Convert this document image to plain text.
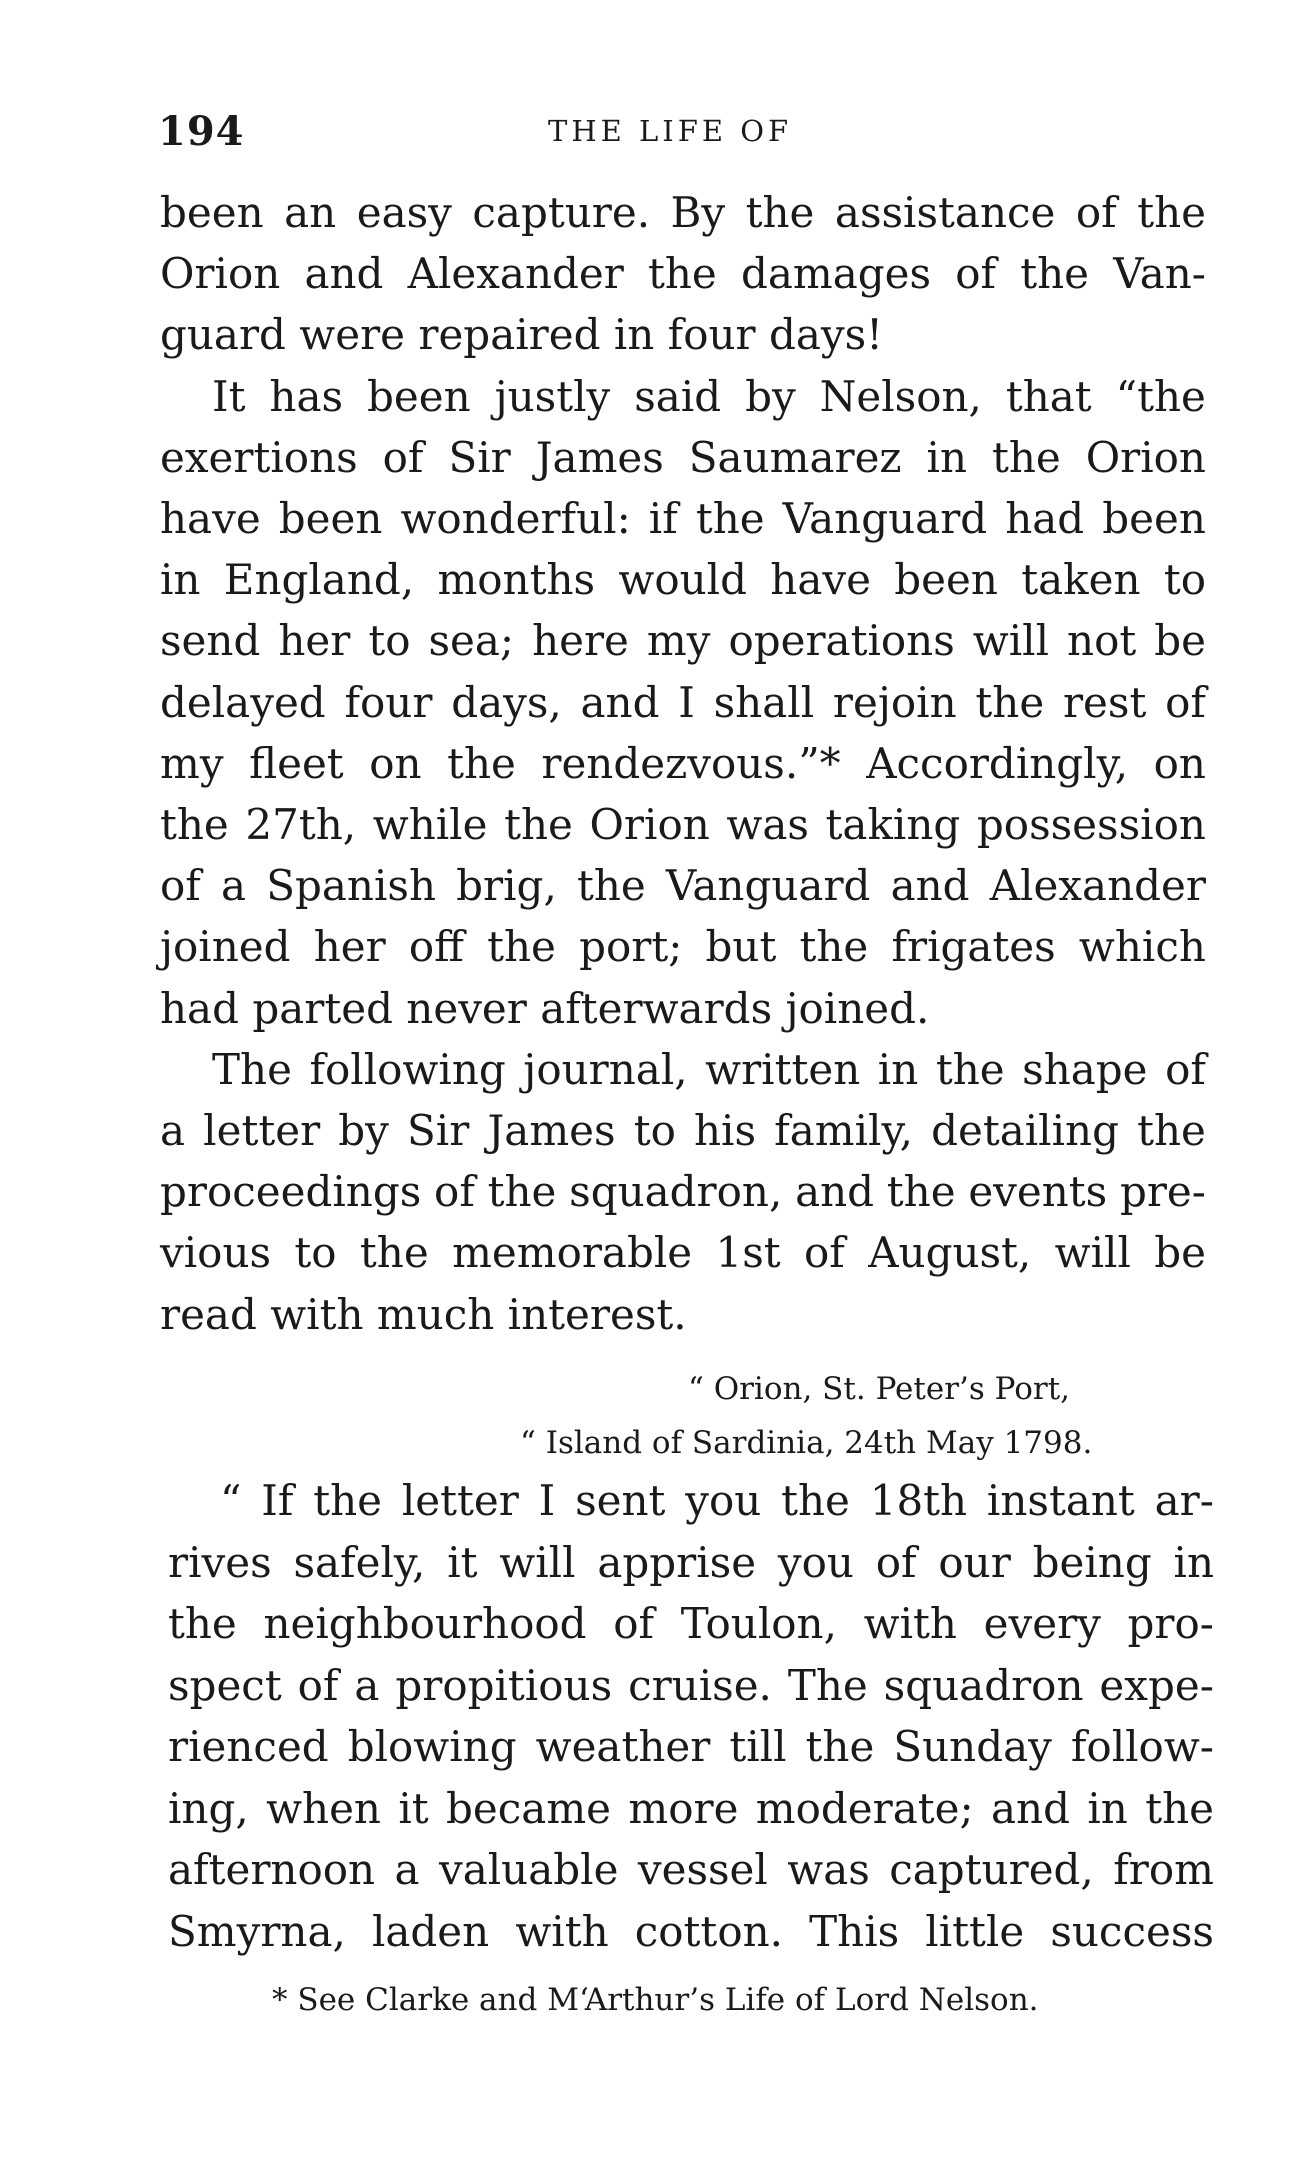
194	THE LIFE OF
been an easy capture. By the assistance of the
Orion and Alexander the damages of the Van-
guard were repaired in four days!
It has been justly said by Nelson, that “the
exertions of Sir James Saumarez in the Orion
have been wonderful: if the Vanguard had been
in England, months would have been taken to
send her to sea; here my operations will not be
delayed four days, and I shall rejoin the rest of
my fleet on the rendezvous.”* Accordingly, on
the 27th, while the Orion was taking possession
of a Spanish brig, the Vanguard and Alexander
joined her off the port; but the frigates which
had parted never afterwards joined.
The following journal, written in the shape of
a letter by Sir James to his family, detailing the
proceedings of the squadron, and the events pre-
vious to the memorable 1st of August, will be
read with much interest.
“ Orion, St. Peter’s Port,
“ Island of Sardinia, 24th May 1798.
“ If the letter I sent you the 18th instant ar-
rives safely, it will apprise you of our being in
the neighbourhood of Toulon, with every pro-
spect of a propitious cruise. The squadron expe-
rienced blowing weather till the Sunday follow-
ing, when it became more moderate; and in the
afternoon a valuable vessel was captured, from
Smyrna, laden with cotton. This little success
* See Clarke and M‘Arthur’s Life of Lord Nelson.
